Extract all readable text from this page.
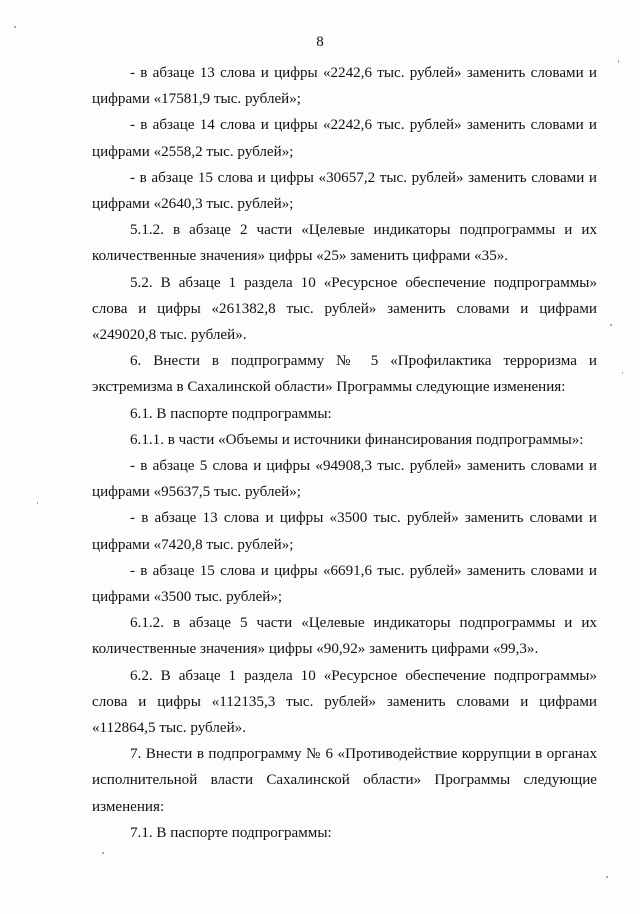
8

- в абзаце 13 слова и цифры «2242,6 тыс. рублей» заменить словами и цифрами «17581,9 тыс. рублей»;

- в абзаце 14 слова и цифры «2242,6 тыс. рублей» заменить словами и цифрами «2558,2 тыс. рублей»;

- в абзаце 15 слова и цифры «30657,2 тыс. рублей» заменить словами и цифрами «2640,3 тыс. рублей»;

5.1.2. в абзаце 2 части «Целевые индикаторы подпрограммы и их количественные значения» цифры «25» заменить цифрами «35».

5.2. В абзаце 1 раздела 10 «Ресурсное обеспечение подпрограммы» слова и цифры «261382,8 тыс. рублей» заменить словами и цифрами «249020,8 тыс. рублей».

6. Внести в подпрограмму № 5 «Профилактика терроризма и экстремизма в Сахалинской области» Программы следующие изменения:

6.1. В паспорте подпрограммы:

6.1.1. в части «Объемы и источники финансирования подпрограммы»:

- в абзаце 5 слова и цифры «94908,3 тыс. рублей» заменить словами и цифрами «95637,5 тыс. рублей»;

- в абзаце 13 слова и цифры «3500 тыс. рублей» заменить словами и цифрами «7420,8 тыс. рублей»;

- в абзаце 15 слова и цифры «6691,6 тыс. рублей» заменить словами и цифрами «3500 тыс. рублей»;

6.1.2. в абзаце 5 части «Целевые индикаторы подпрограммы и их количественные значения» цифры «90,92» заменить цифрами «99,3».

6.2. В абзаце 1 раздела 10 «Ресурсное обеспечение подпрограммы» слова и цифры «112135,3 тыс. рублей» заменить словами и цифрами «112864,5 тыс. рублей».

7. Внести в подпрограмму № 6 «Противодействие коррупции в органах исполнительной власти Сахалинской области» Программы следующие изменения:

7.1. В паспорте подпрограммы:
